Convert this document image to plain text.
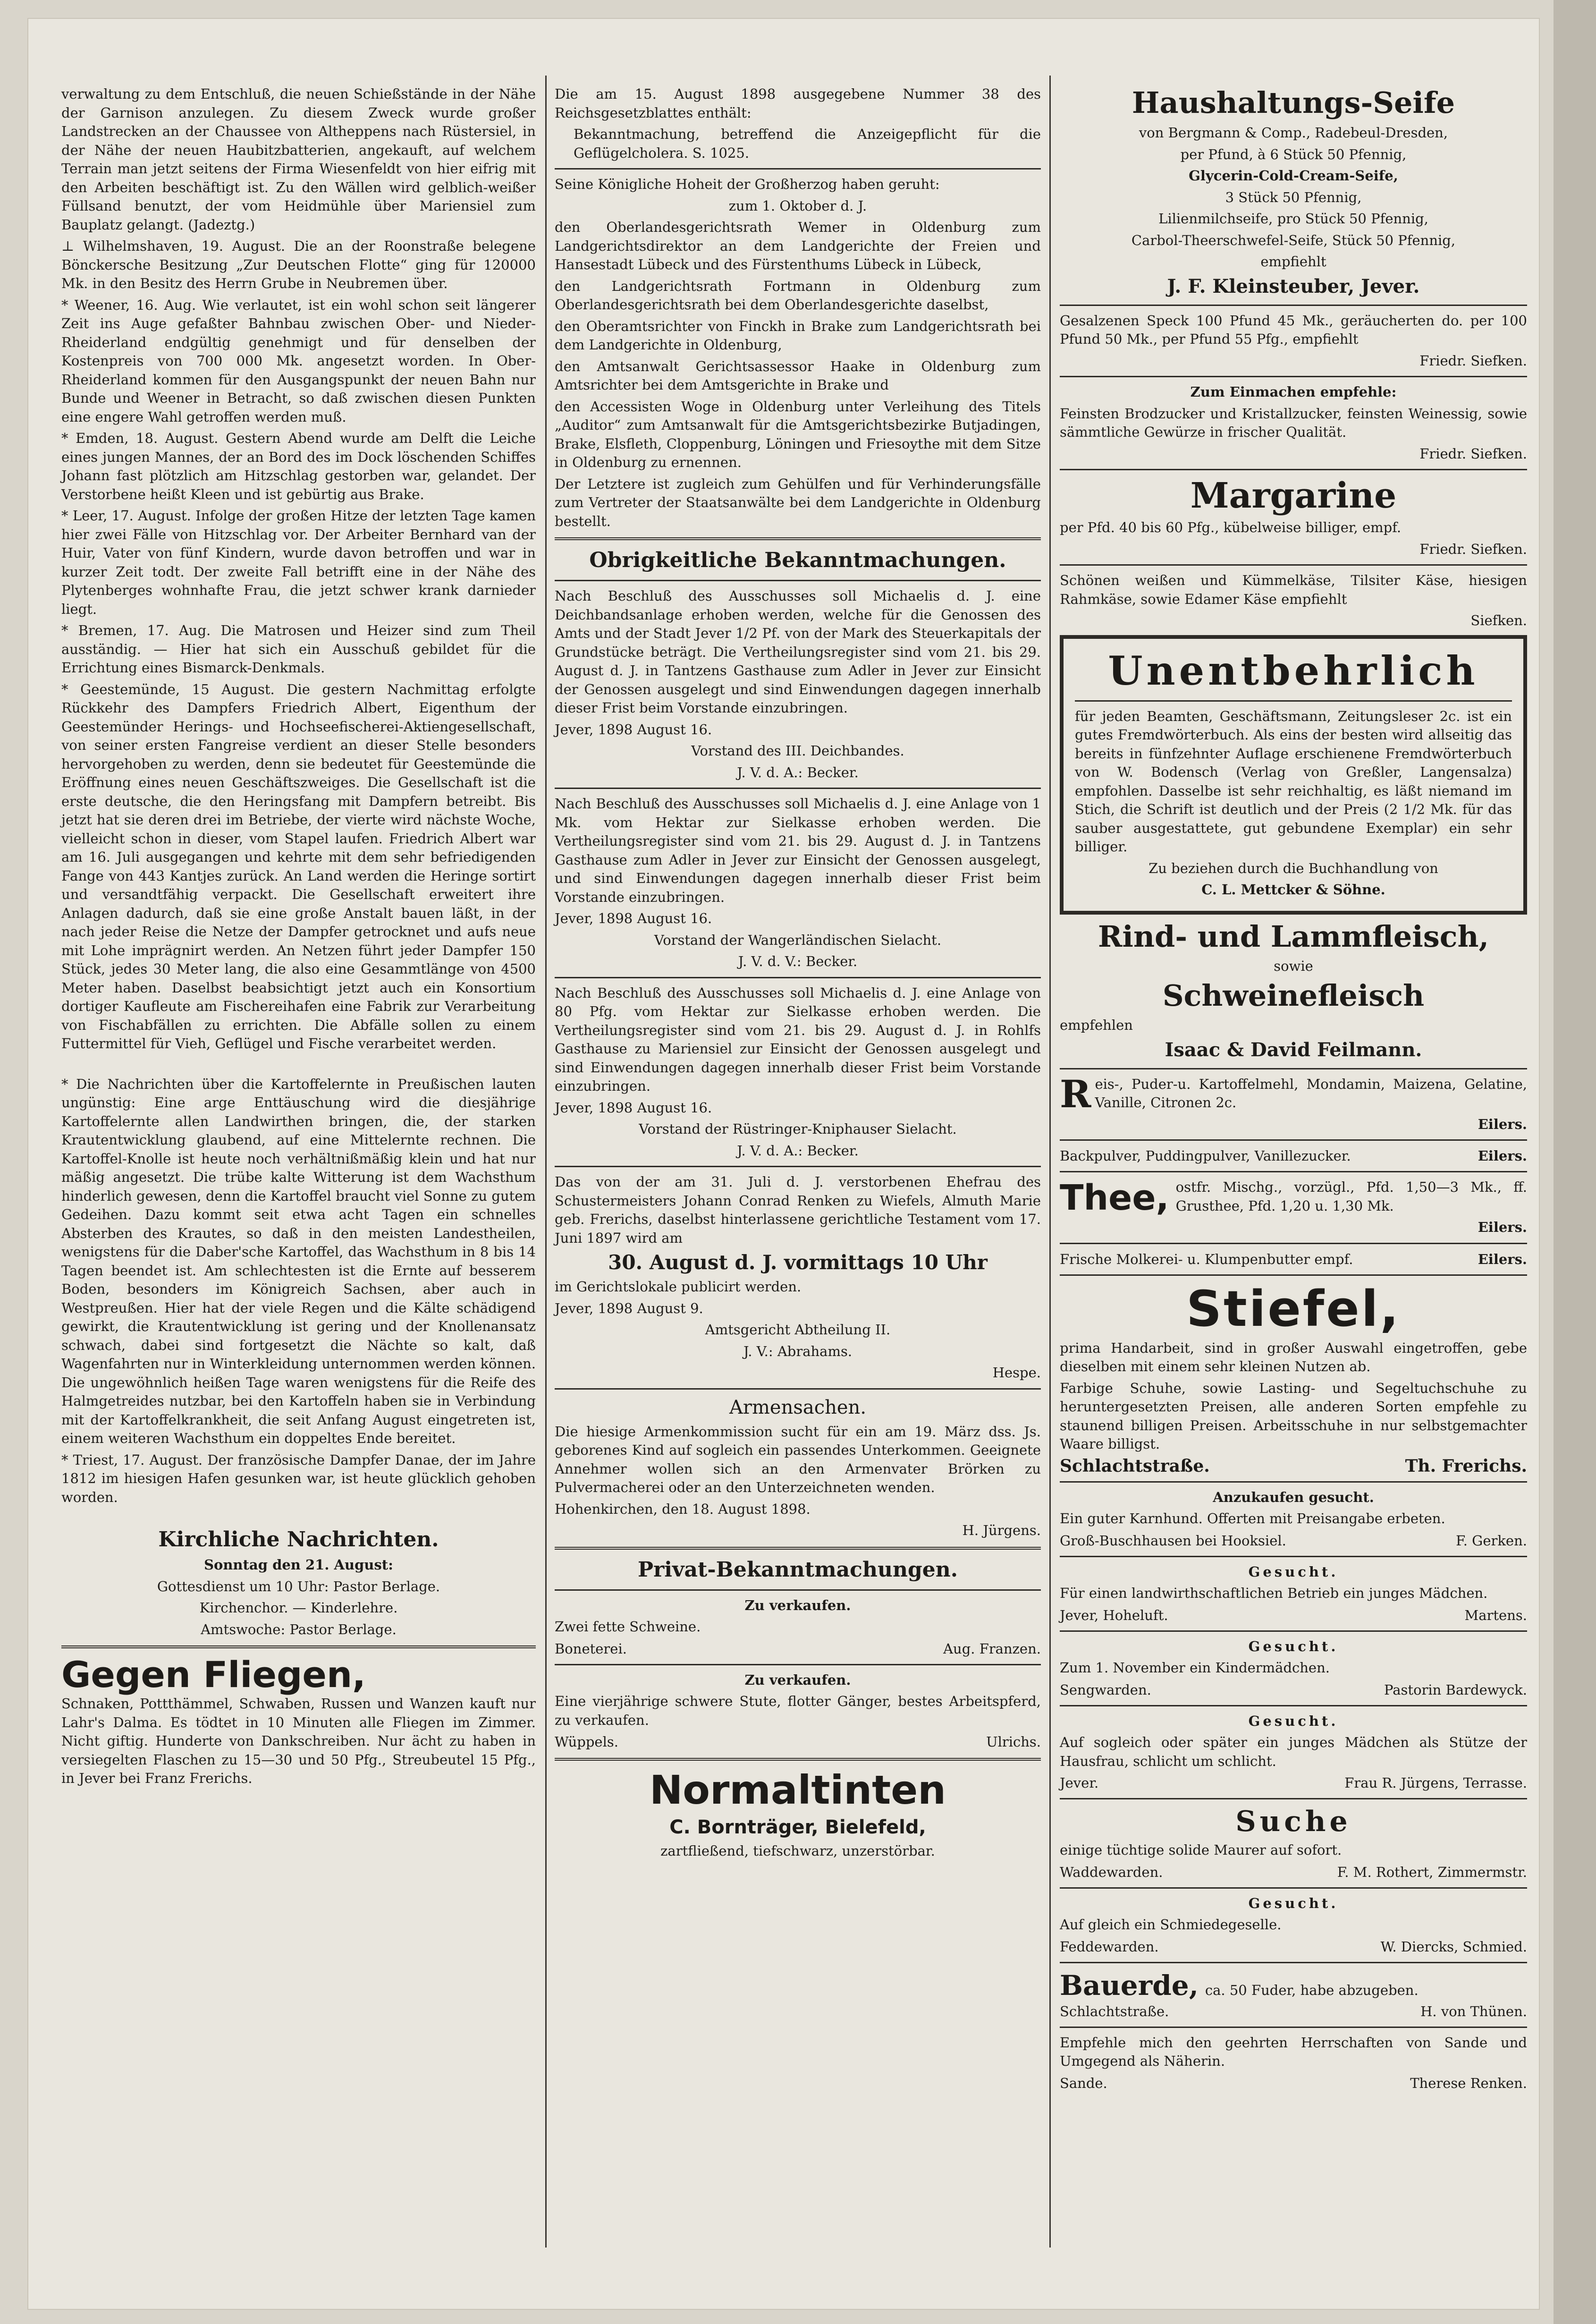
verwaltung zu dem Entschluß, die neuen Schießstände in der Nähe der Garnison anzulegen. Zu diesem Zweck wurde großer Landstrecken an der Chaussee von Altheppens nach Rüstersiel, in der Nähe der neuen Haubitzbatterien, angekauft, auf welchem Terrain man jetzt seitens der Firma Wiesenfeldt von hier eifrig mit den Arbeiten beschäftigt ist. Zu den Wällen wird gelblich-weißer Füllsand benutzt, der vom Heidmühle über Mariensiel zum Bauplatz gelangt. (Jadeztg.)

⊥ Wilhelmshaven, 19. August. Die an der Roonstraße belegene Bönckersche Besitzung „Zur Deutschen Flotte“ ging für 120000 Mk. in den Besitz des Herrn Grube in Neubremen über.

* Weener, 16. Aug. Wie verlautet, ist ein wohl schon seit längerer Zeit ins Auge gefaßter Bahnbau zwischen Ober- und Nieder-Rheiderland endgültig genehmigt und für denselben der Kostenpreis von 700 000 Mk. angesetzt worden. In Ober-Rheiderland kommen für den Ausgangspunkt der neuen Bahn nur Bunde und Weener in Betracht, so daß zwischen diesen Punkten eine engere Wahl getroffen werden muß.

* Emden, 18. August. Gestern Abend wurde am Delft die Leiche eines jungen Mannes, der an Bord des im Dock löschenden Schiffes Johann fast plötzlich am Hitzschlag gestorben war, gelandet. Der Verstorbene heißt Kleen und ist gebürtig aus Brake.

* Leer, 17. August. Infolge der großen Hitze der letzten Tage kamen hier zwei Fälle von Hitzschlag vor. Der Arbeiter Bernhard van der Huir, Vater von fünf Kindern, wurde davon betroffen und war in kurzer Zeit todt. Der zweite Fall betrifft eine in der Nähe des Plytenberges wohnhafte Frau, die jetzt schwer krank darnieder liegt.

* Bremen, 17. Aug. Die Matrosen und Heizer sind zum Theil ausständig. — Hier hat sich ein Ausschuß gebildet für die Errichtung eines Bismarck-Denkmals.

* Geestemünde, 15 August. Die gestern Nachmittag erfolgte Rückkehr des Dampfers Friedrich Albert, Eigenthum der Geestemünder Herings- und Hochseefischerei-Aktiengesellschaft, von seiner ersten Fangreise verdient an dieser Stelle besonders hervorgehoben zu werden, denn sie bedeutet für Geestemünde die Eröffnung eines neuen Geschäftszweiges. Die Gesellschaft ist die erste deutsche, die den Heringsfang mit Dampfern betreibt. Bis jetzt hat sie deren drei im Betriebe, der vierte wird nächste Woche, vielleicht schon in dieser, vom Stapel laufen. Friedrich Albert war am 16. Juli ausgegangen und kehrte mit dem sehr befriedigenden Fange von 443 Kantjes zurück. An Land werden die Heringe sortirt und versandtfähig verpackt. Die Gesellschaft erweitert ihre Anlagen dadurch, daß sie eine große Anstalt bauen läßt, in der nach jeder Reise die Netze der Dampfer getrocknet und aufs neue mit Lohe imprägnirt werden. An Netzen führt jeder Dampfer 150 Stück, jedes 30 Meter lang, die also eine Gesammtlänge von 4500 Meter haben. Daselbst beabsichtigt jetzt auch ein Konsortium dortiger Kaufleute am Fischereihafen eine Fabrik zur Verarbeitung von Fischabfällen zu errichten. Die Abfälle sollen zu einem Futtermittel für Vieh, Geflügel und Fische verarbeitet werden.

* Die Nachrichten über die Kartoffelernte in Preußischen lauten ungünstig: Eine arge Enttäuschung wird die diesjährige Kartoffelernte allen Landwirthen bringen, die, der starken Krautentwicklung glaubend, auf eine Mittelernte rechnen. Die Kartoffel-Knolle ist heute noch verhältnißmäßig klein und hat nur mäßig angesetzt. Die trübe kalte Witterung ist dem Wachsthum hinderlich gewesen, denn die Kartoffel braucht viel Sonne zu gutem Gedeihen. Dazu kommt seit etwa acht Tagen ein schnelles Absterben des Krautes, so daß in den meisten Landestheilen, wenigstens für die Daber'sche Kartoffel, das Wachsthum in 8 bis 14 Tagen beendet ist. Am schlechtesten ist die Ernte auf besserem Boden, besonders im Königreich Sachsen, aber auch in Westpreußen. Hier hat der viele Regen und die Kälte schädigend gewirkt, die Krautentwicklung ist gering und der Knollenansatz schwach, dabei sind fortgesetzt die Nächte so kalt, daß Wagenfahrten nur in Winterkleidung unternommen werden können. Die ungewöhnlich heißen Tage waren wenigstens für die Reife des Halmgetreides nutzbar, bei den Kartoffeln haben sie in Verbindung mit der Kartoffelkrankheit, die seit Anfang August eingetreten ist, einem weiteren Wachsthum ein doppeltes Ende bereitet.

* Triest, 17. August. Der französische Dampfer Danae, der im Jahre 1812 im hiesigen Hafen gesunken war, ist heute glücklich gehoben worden.

Kirchliche Nachrichten.

Sonntag den 21. August:

Gottesdienst um 10 Uhr: Pastor Berlage.

Kirchenchor. — Kinderlehre.

Amtswoche: Pastor Berlage.

Gegen Fliegen,

Schnaken, Pottthämmel, Schwaben, Russen und Wanzen kauft nur Lahr's Dalma. Es tödtet in 10 Minuten alle Fliegen im Zimmer. Nicht giftig. Hunderte von Dankschreiben. Nur ächt zu haben in versiegelten Flaschen zu 15—30 und 50 Pfg., Streubeutel 15 Pfg., in Jever bei Franz Frerichs.

Die am 15. August 1898 ausgegebene Nummer 38 des Reichsgesetzblattes enthält:

Bekanntmachung, betreffend die Anzeigepflicht für die Geflügelcholera. S. 1025.

Seine Königliche Hoheit der Großherzog haben geruht:

zum 1. Oktober d. J.

den Oberlandesgerichtsrath Wemer in Oldenburg zum Landgerichtsdirektor an dem Landgerichte der Freien und Hansestadt Lübeck und des Fürstenthums Lübeck in Lübeck,

den Landgerichtsrath Fortmann in Oldenburg zum Oberlandesgerichtsrath bei dem Oberlandesgerichte daselbst,

den Oberamtsrichter von Finckh in Brake zum Landgerichtsrath bei dem Landgerichte in Oldenburg,

den Amtsanwalt Gerichtsassessor Haake in Oldenburg zum Amtsrichter bei dem Amtsgerichte in Brake und

den Accessisten Woge in Oldenburg unter Verleihung des Titels „Auditor“ zum Amtsanwalt für die Amtsgerichtsbezirke Butjadingen, Brake, Elsfleth, Cloppenburg, Löningen und Friesoythe mit dem Sitze in Oldenburg zu ernennen.

Der Letztere ist zugleich zum Gehülfen und für Verhinderungsfälle zum Vertreter der Staatsanwälte bei dem Landgerichte in Oldenburg bestellt.

Obrigkeitliche Bekanntmachungen.

Nach Beschluß des Ausschusses soll Michaelis d. J. eine Deichbandsanlage erhoben werden, welche für die Genossen des Amts und der Stadt Jever 1/2 Pf. von der Mark des Steuerkapitals der Grundstücke beträgt. Die Vertheilungsregister sind vom 21. bis 29. August d. J. in Tantzens Gasthause zum Adler in Jever zur Einsicht der Genossen ausgelegt und sind Einwendungen dagegen innerhalb dieser Frist beim Vorstande einzubringen.

Jever, 1898 August 16.

Vorstand des III. Deichbandes.

J. V. d. A.: Becker.

Nach Beschluß des Ausschusses soll Michaelis d. J. eine Anlage von 1 Mk. vom Hektar zur Sielkasse erhoben werden. Die Vertheilungsregister sind vom 21. bis 29. August d. J. in Tantzens Gasthause zum Adler in Jever zur Einsicht der Genossen ausgelegt, und sind Einwendungen dagegen innerhalb dieser Frist beim Vorstande einzubringen.

Jever, 1898 August 16.

Vorstand der Wangerländischen Sielacht.

J. V. d. V.: Becker.

Nach Beschluß des Ausschusses soll Michaelis d. J. eine Anlage von 80 Pfg. vom Hektar zur Sielkasse erhoben werden. Die Vertheilungsregister sind vom 21. bis 29. August d. J. in Rohlfs Gasthause zu Mariensiel zur Einsicht der Genossen ausgelegt und sind Einwendungen dagegen innerhalb dieser Frist beim Vorstande einzubringen.

Jever, 1898 August 16.

Vorstand der Rüstringer-Kniphauser Sielacht.

J. V. d. A.: Becker.

Das von der am 31. Juli d. J. verstorbenen Ehefrau des Schustermeisters Johann Conrad Renken zu Wiefels, Almuth Marie geb. Frerichs, daselbst hinterlassene gerichtliche Testament vom 17. Juni 1897 wird am

30. August d. J. vormittags 10 Uhr

im Gerichtslokale publicirt werden.

Jever, 1898 August 9.

Amtsgericht Abtheilung II.

J. V.: Abrahams.

Hespe.

Armensachen.

Die hiesige Armenkommission sucht für ein am 19. März dss. Js. geborenes Kind auf sogleich ein passendes Unterkommen. Geeignete Annehmer wollen sich an den Armenvater Brörken zu Pulvermacherei oder an den Unterzeichneten wenden.

Hohenkirchen, den 18. August 1898.

H. Jürgens.

Privat-Bekanntmachungen.

Zu verkaufen.

Zwei fette Schweine.

Boneterei.	Aug. Franzen.

Zu verkaufen.

Eine vierjährige schwere Stute, flotter Gänger, bestes Arbeitspferd, zu verkaufen.

Wüppels.	Ulrichs.

Normaltinten

C. Bornträger, Bielefeld,

zartfließend, tiefschwarz, unzerstörbar.

Haushaltungs-Seife

von Bergmann & Comp., Radebeul-Dresden,

per Pfund, à 6 Stück 50 Pfennig,

Glycerin-Cold-Cream-Seife,

3 Stück 50 Pfennig,

Lilienmilchseife, pro Stück 50 Pfennig,

Carbol-Theerschwefel-Seife, Stück 50 Pfennig,

empfiehlt

J. F. Kleinsteuber, Jever.

Gesalzenen Speck 100 Pfund 45 Mk., geräucherten do. per 100 Pfund 50 Mk., per Pfund 55 Pfg., empfiehlt

Friedr. Siefken.

Zum Einmachen empfehle:

Feinsten Brodzucker und Kristallzucker, feinsten Weinessig, sowie sämmtliche Gewürze in frischer Qualität.

Friedr. Siefken.

Margarine

per Pfd. 40 bis 60 Pfg., kübelweise billiger, empf.

Friedr. Siefken.

Schönen weißen und Kümmelkäse, Tilsiter Käse, hiesigen Rahmkäse, sowie Edamer Käse empfiehlt

Siefken.

Unentbehrlich

für jeden Beamten, Geschäftsmann, Zeitungsleser 2c. ist ein gutes Fremdwörterbuch. Als eins der besten wird allseitig das bereits in fünfzehnter Auflage erschienene Fremdwörterbuch von W. Bodensch (Verlag von Greßler, Langensalza) empfohlen. Dasselbe ist sehr reichhaltig, es läßt niemand im Stich, die Schrift ist deutlich und der Preis (2 1/2 Mk. für das sauber ausgestattete, gut gebundene Exemplar) ein sehr billiger.

Zu beziehen durch die Buchhandlung von

C. L. Mettcker & Söhne.

Rind- und Lammfleisch,

sowie

Schweinefleisch

empfehlen

Isaac & David Feilmann.

R eis-, Puder-u. Kartoffelmehl, Mondamin, Maizena, Gelatine, Vanille, Citronen 2c.

Eilers.

Backpulver, Puddingpulver, Vanillezucker.	Eilers.
Thee, ostfr. Mischg., vorzügl., Pfd. 1,50—3 Mk., ff. Grusthee, Pfd. 1,20 u. 1,30 Mk.

Eilers.

Frische Molkerei- u. Klumpenbutter empf.	Eilers.

Stiefel,

prima Handarbeit, sind in großer Auswahl eingetroffen, gebe dieselben mit einem sehr kleinen Nutzen ab.

Farbige Schuhe, sowie Lasting- und Segeltuchschuhe zu heruntergesetzten Preisen, alle anderen Sorten empfehle zu staunend billigen Preisen. Arbeitsschuhe in nur selbstgemachter Waare billigst.

Schlachtstraße.	Th. Frerichs.

Anzukaufen gesucht.

Ein guter Karnhund. Offerten mit Preisangabe erbeten.

Groß-Buschhausen bei Hooksiel.	F. Gerken.

Gesucht.

Für einen landwirthschaftlichen Betrieb ein junges Mädchen.

Jever, Hoheluft.	Martens.

Gesucht.

Zum 1. November ein Kindermädchen.

Sengwarden.	Pastorin Bardewyck.

Gesucht.

Auf sogleich oder später ein junges Mädchen als Stütze der Hausfrau, schlicht um schlicht.

Jever.	Frau R. Jürgens, Terrasse.

Suche

einige tüchtige solide Maurer auf sofort.

Waddewarden.	F. M. Rothert, Zimmermstr.

Gesucht.

Auf gleich ein Schmiedegeselle.

Feddewarden.	W. Diercks, Schmied.
Bauerde, ca. 50 Fuder, habe abzugeben.
Schlachtstraße.	H. von Thünen.

Empfehle mich den geehrten Herrschaften von Sande und Umgegend als Näherin.

Sande.	Therese Renken.
